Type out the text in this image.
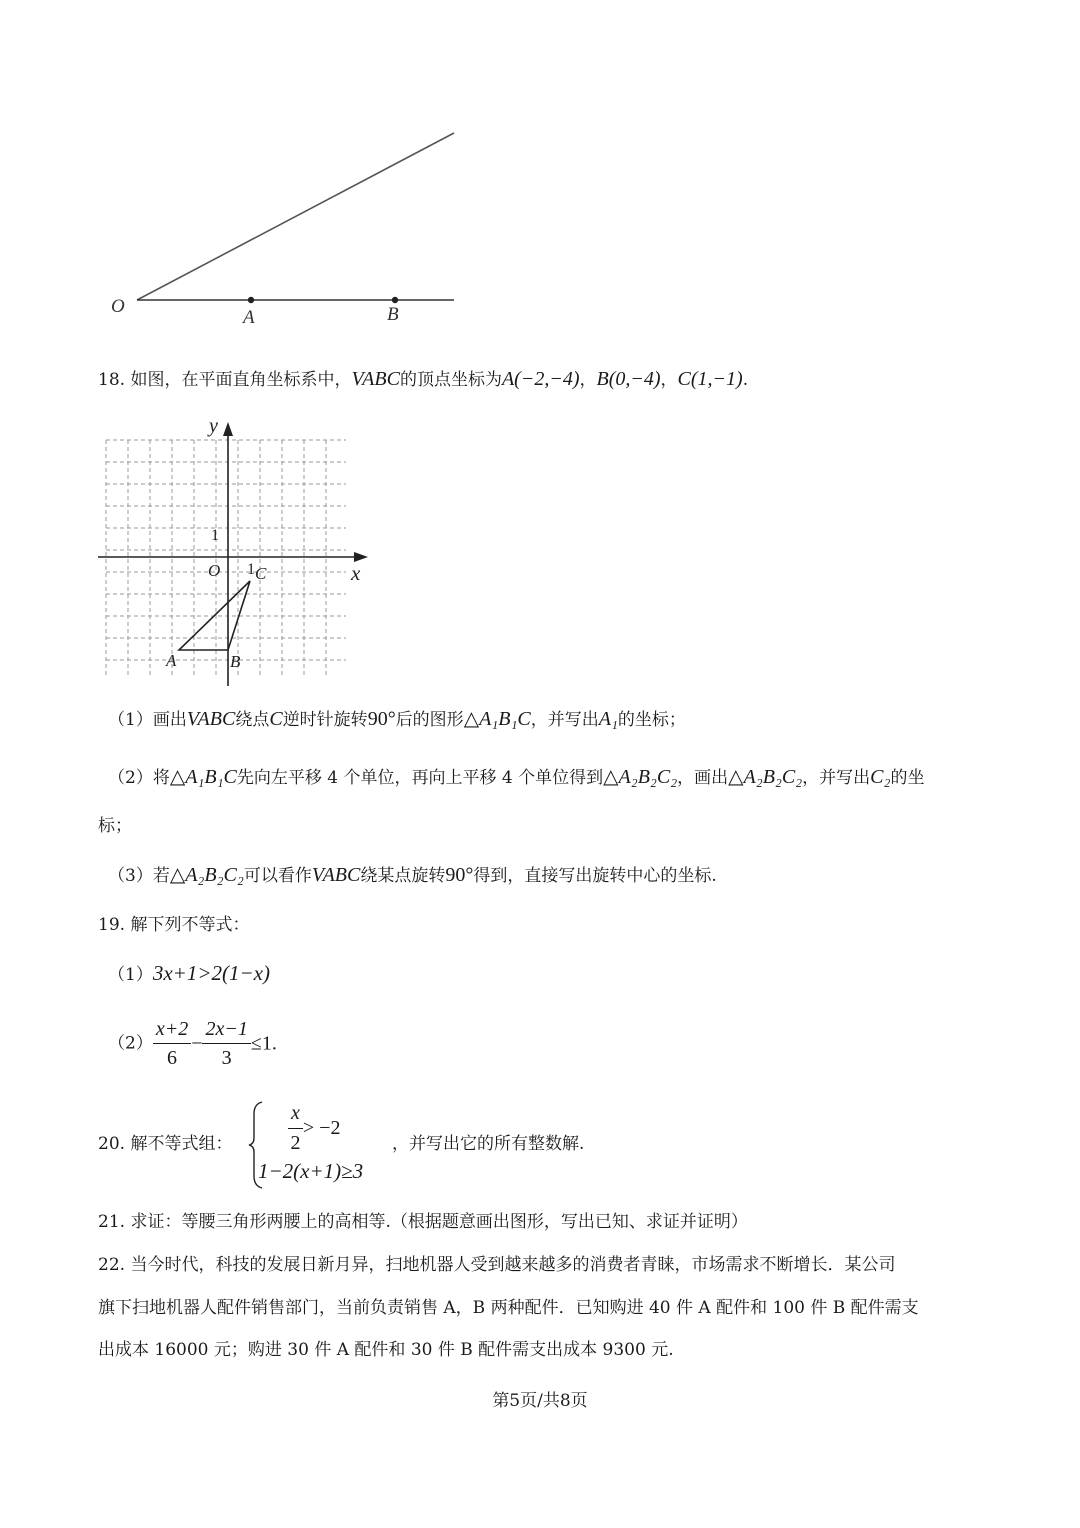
O
A	B
18. 如图，在平面直角坐标系中，VABC的顶点坐标为A(−2,−4)，B(0,−4)，C(1,−1).
y
x
O
1
1 C
A	B
（1）画出VABC绕点C逆时针旋转90°后的图形△A₁B₁C，并写出A₁的坐标；
（2）将△A₁B₁C先向左平移 4 个单位，再向上平移 4 个单位得到△A₂B₂C₂，画出△A₂B₂C₂，并写出C₂的坐
标；
（3）若△A₂B₂C₂可以看作VABC绕某点旋转90°得到，直接写出旋转中心的坐标.
19. 解下列不等式：
（1）3x+1>2(1−x)
$(2) \frac{x+2}{6} - \frac{2x-1}{3} \le 1$.
20. 解不等式组：	$\frac{x}{2} > -2$
1−2(x+1)≥3
，并写出它的所有整数解.
21. 求证：等腰三角形两腰上的高相等.（根据题意画出图形，写出已知、求证并证明）
22. 当今时代，科技的发展日新月异，扫地机器人受到越来越多的消费者青睐，市场需求不断增长．某公司
旗下扫地机器人配件销售部门，当前负责销售 A，B 两种配件．已知购进 40 件 A 配件和 100 件 B 配件需支
出成本 16000 元；购进 30 件 A 配件和 30 件 B 配件需支出成本 9300 元.
第5页/共8页
